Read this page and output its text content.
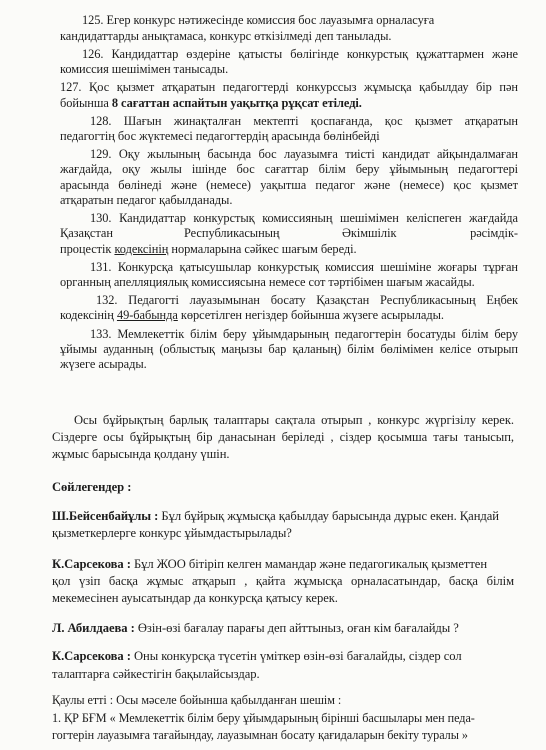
125. Егер конкурс нәтижесінде комиссия бос лауазымға орналасуға

кандидаттарды анықтамаса, конкурс өткізілмеді деп танылады.

126. Кандидаттар өздеріне қатысты бөлігінде конкурстық құжаттармен және

комиссия шешімімен танысады.

127. Қос қызмет атқаратын педагогтерді конкурссыз жұмысқа қабылдау бір пән

бойынша 8 сағаттан аспайтын уақытқа рұқсат етіледі.

128. Шағын жинақталған мектепті қоспағанда, қос қызмет атқаратын

педагогтің бос жүктемесі педагогтердің арасында бөлінбейді

129. Оқу жылының басында бос лауазымға тиісті кандидат айқындалмаған

жағдайда, оқу жылы ішінде бос сағаттар білім беру ұйымының педагогтері

арасында бөлінеді және (немесе) уақытша педагог және (немесе) қос қызмет

атқаратын педагог қабылданады.

130. Кандидаттар конкурстық комиссияның шешімімен келіспеген жағдайда

Қазақстан	Республикасының	Әкімшілік	рәсімдік-

процестік кодексінің нормаларына сәйкес шағым береді.

131. Конкурсқа қатысушылар конкурстық комиссия шешіміне жоғары тұрған

органның апелляциялық комиссиясына немесе сот тәртібімен шағым жасайды.

132. Педагогті лауазымынан босату Қазақстан Республикасының Еңбек

кодексінің 49-бабында көрсетілген негіздер бойынша жүзеге асырылады.

133. Мемлекеттік білім беру ұйымдарының педагогтерін босатуды білім беру

ұйымы ауданның (облыстық маңызы бар қаланың) білім бөлімімен келісе отырып

жүзеге асырады.

Осы бұйрықтың барлық талаптары сақтала отырып , конкурс жүргізілу керек.

Сіздерге осы бұйрықтың бір данасынан беріледі , сіздер қосымша тағы танысып,

жұмыс барысында қолдану үшін.

Сөйлегендер :

Ш.Бейсенбайұлы : Бұл бұйрық жұмысқа қабылдау барысында дұрыс екен. Қандай

қызметкерлерге конкурс ұйымдастырылады?

К.Сарсекова : Бұл ЖОО бітіріп келген мамандар және педагогикалық қызметтен

қол үзіп басқа жұмыс атқарып , қайта жұмысқа орналасатындар, басқа білім

мекемесінен ауысатындар да конкурсқа қатысу керек.

Л. Абилдаева : Өзін-өзі бағалау парағы деп айттыныз, оған кім бағалайды ?

К.Сарсекова : Оны конкурсқа түсетін үміткер өзін-өзі бағалайды, сіздер сол

талаптарға сәйкестігін бақылайсыздар.

Қаулы етті : Осы мәселе бойынша қабылданған шешім :

1. ҚР БҒМ « Мемлекеттік білім беру ұйымдарының бірінші басшылары мен педа-

гогтерін лауазымға тағайындау, лауазымнан босату қағидаларын бекіту туралы »
